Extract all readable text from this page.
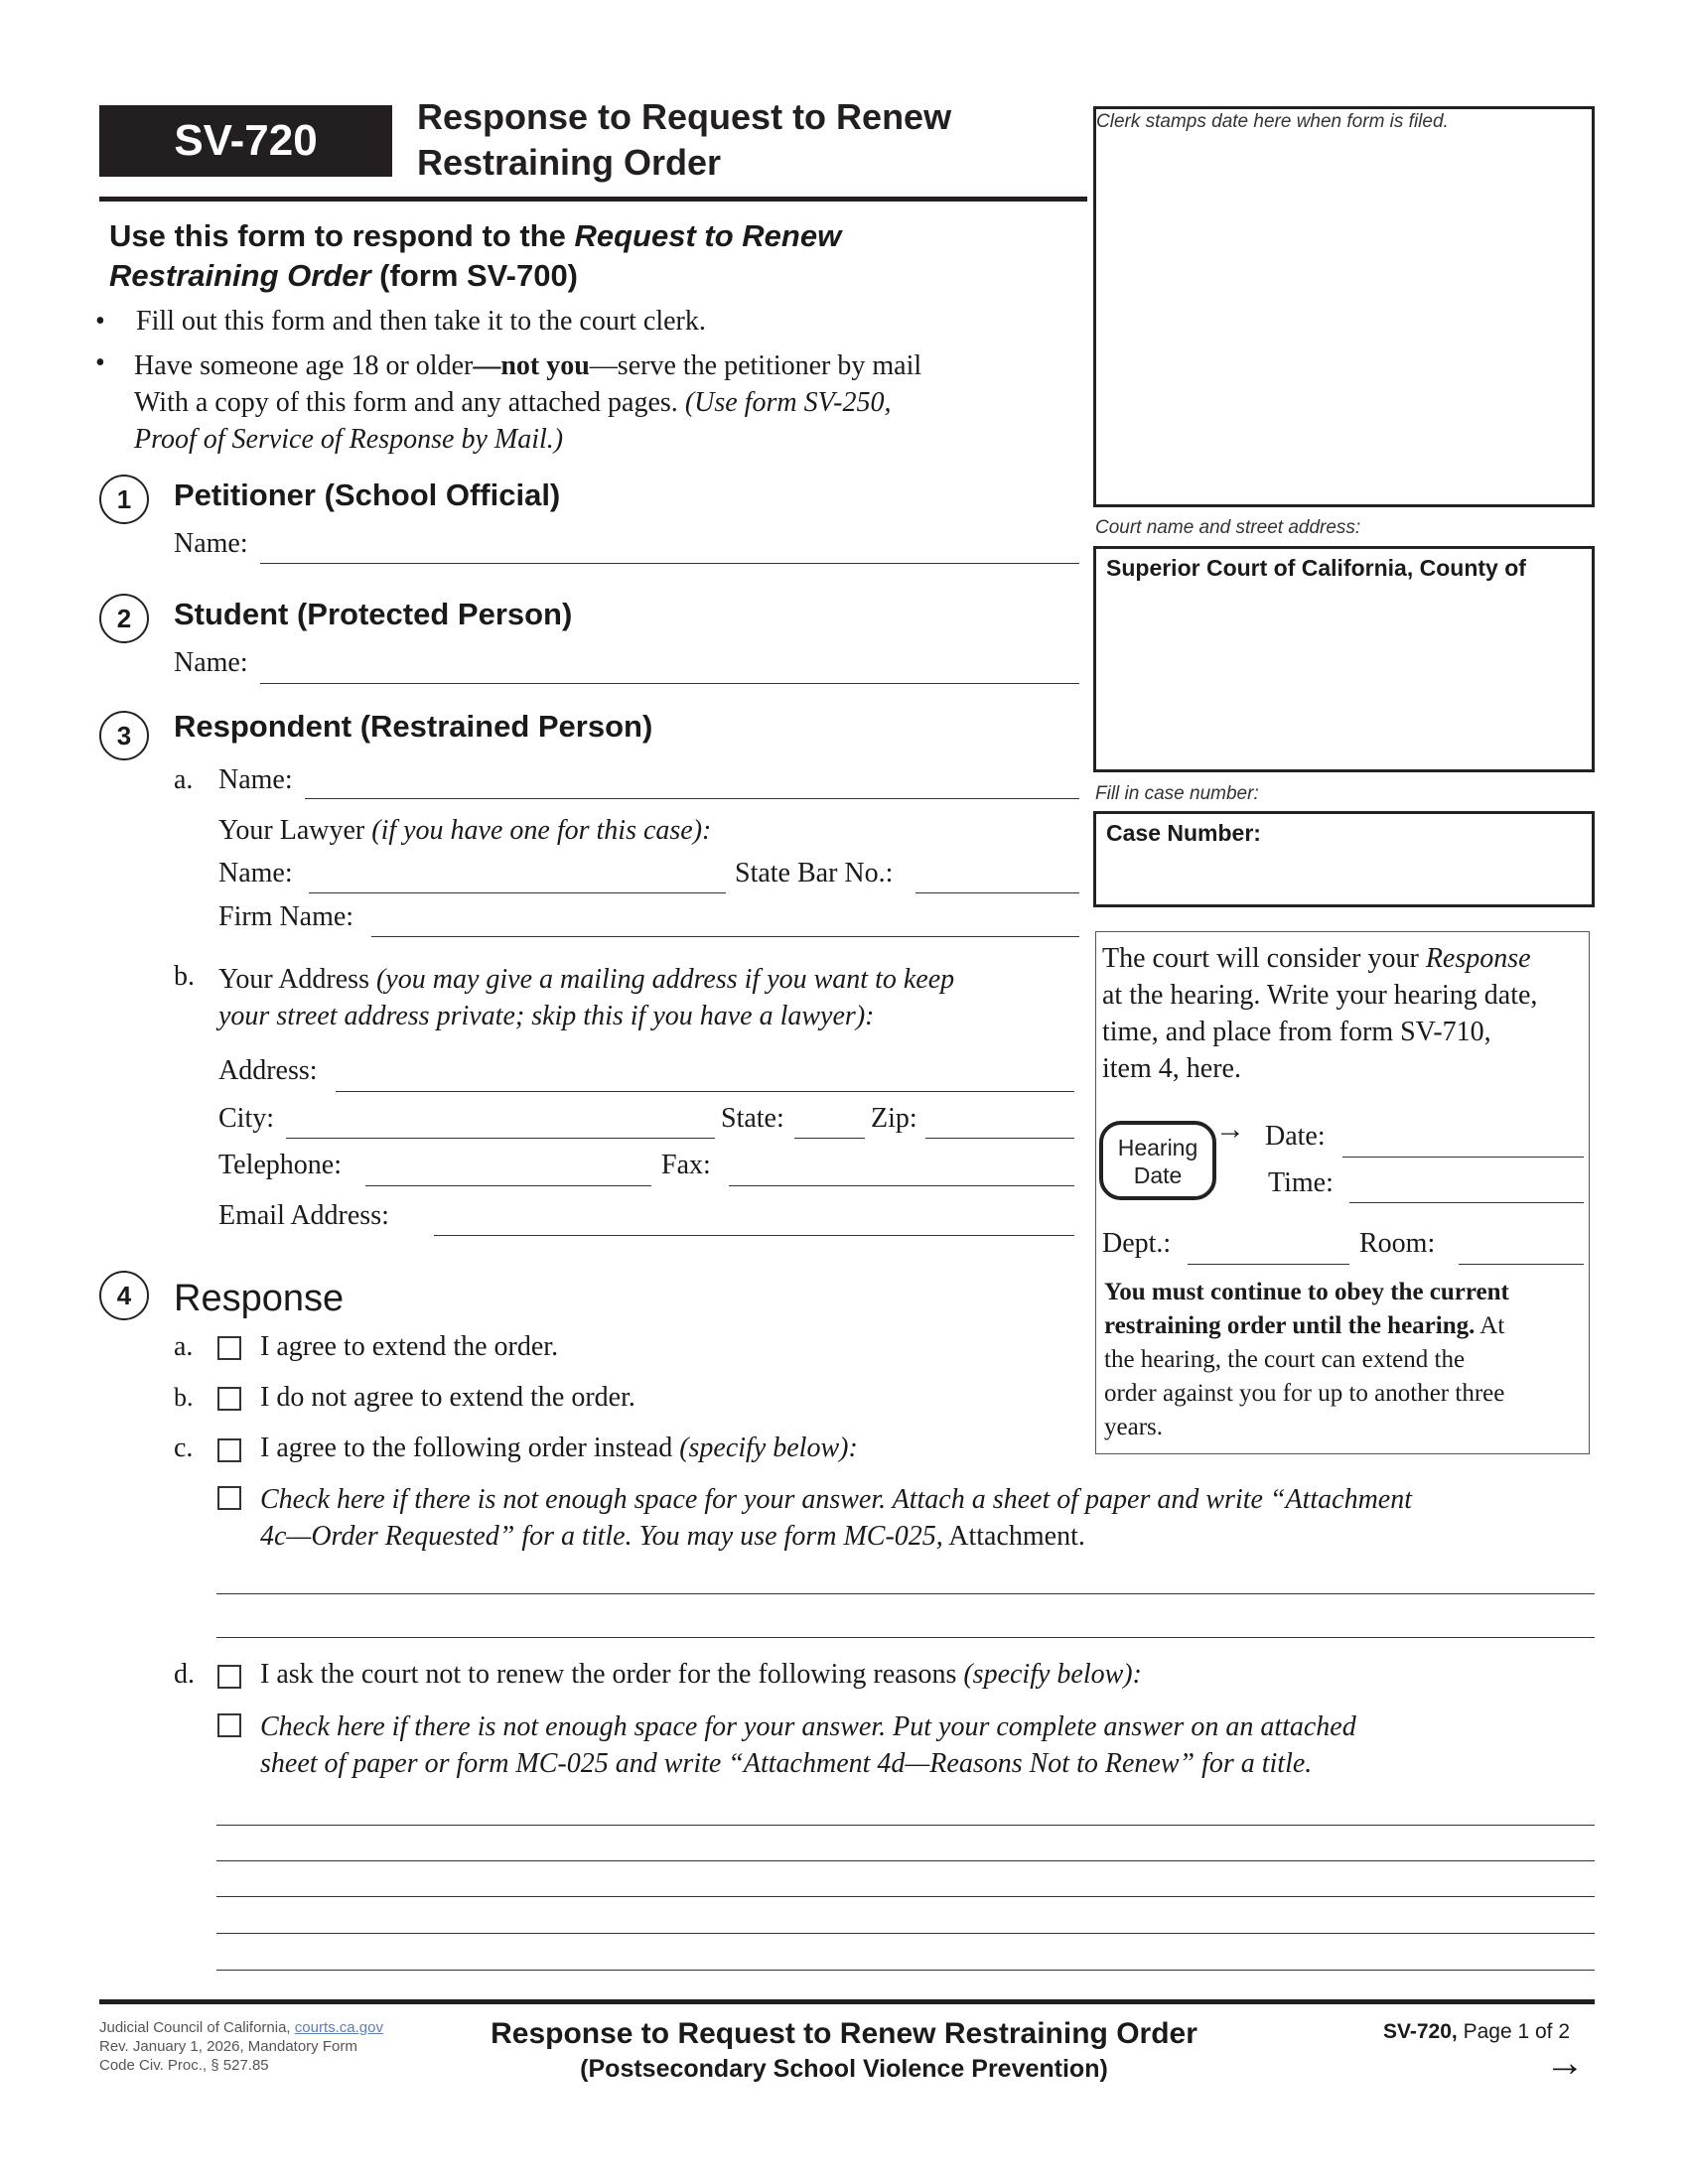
SV-720	Response to Request to Renew
Restraining Order
Clerk stamps date here when form is filed.
Court name and street address:
Superior Court of California, County of
Fill in case number:
Case Number:
The court will consider your Response
at the hearing. Write your hearing date,
time, and place from form SV-710,
item 4, here.
Hearing
Date
→ Date:
Time:
Dept.:	Room:
You must continue to obey the current
restraining order until the hearing. At
the hearing, the court can extend the
order against you for up to another three
years.
Use this form to respond to the Request to Renew Restraining Order (form SV-700)
• Fill out this form and then take it to the court clerk.
• Have someone age 18 or older—not you—serve the petitioner by mail
With a copy of this form and any attached pages. (Use form SV-250,
Proof of Service of Response by Mail.)
1	Petitioner (School Official)
Name:
2	Student (Protected Person)
Name:
3	Respondent (Restrained Person)
a. Name:
Your Lawyer (if you have one for this case):
Name:	State Bar No.:
Firm Name:
b. Your Address (you may give a mailing address if you want to keep
your street address private; skip this if you have a lawyer):
Address:
City:	State:	Zip:
Telephone:	Fax:
Email Address:
4	Response
a. I agree to extend the order.
b. I do not agree to extend the order.
c. I agree to the following order instead (specify below):
Check here if there is not enough space for your answer. Attach a sheet of paper and write “Attachment
4c—Order Requested” for a title. You may use form MC-025, Attachment.
d. I ask the court not to renew the order for the following reasons (specify below):
Check here if there is not enough space for your answer. Put your complete answer on an attached
sheet of paper or form MC-025 and write “Attachment 4d—Reasons Not to Renew” for a title.
Judicial Council of California, courts.ca.gov
Rev. January 1, 2026, Mandatory Form
Code Civ. Proc., § 527.85
Response to Request to Renew Restraining Order
(Postsecondary School Violence Prevention)
SV-720, Page 1 of 2
→
